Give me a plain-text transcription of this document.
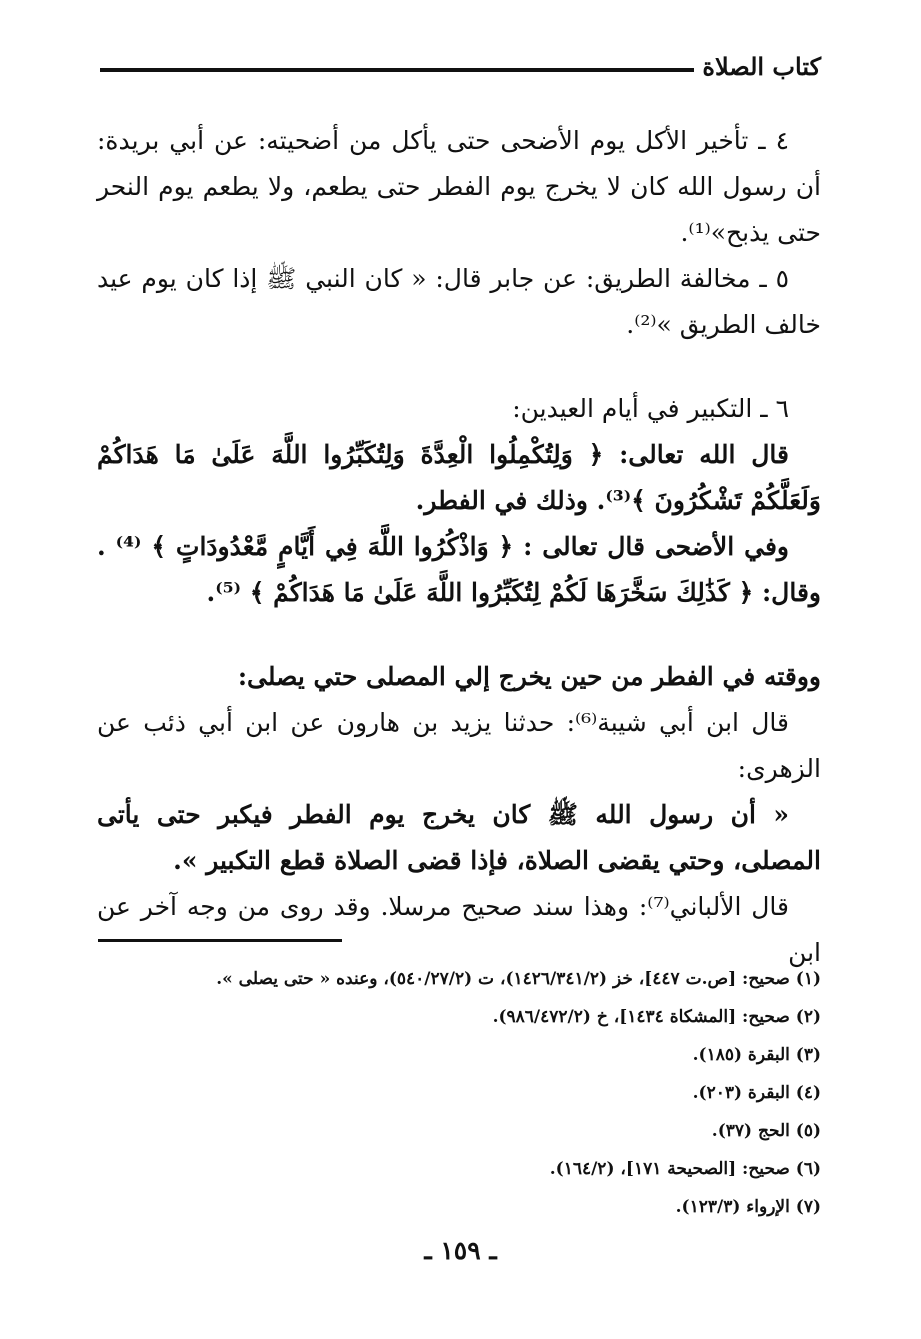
كتاب الصلاة

٤ ـ تأخير الأكل يوم الأضحى حتى يأكل من أضحيته: عن أبي بريدة: أن رسول الله كان لا يخرج يوم الفطر حتى يطعم، ولا يطعم يوم النحر حتى يذبح»⁽¹⁾.

٥ ـ مخالفة الطريق: عن جابر قال: « كان النبي ﷺ إذا كان يوم عيد خالف الطريق »⁽²⁾.

٦ ـ التكبير في أيام العيدين:

قال الله تعالى: ﴿ وَلِتُكْمِلُوا الْعِدَّةَ وَلِتُكَبِّرُوا اللَّهَ عَلَىٰ مَا هَدَاكُمْ وَلَعَلَّكُمْ تَشْكُرُونَ ﴾⁽³⁾. وذلك في الفطر.

وفي الأضحى قال تعالى : ﴿ وَاذْكُرُوا اللَّهَ فِي أَيَّامٍ مَّعْدُودَاتٍ ﴾ ⁽⁴⁾ . وقال: ﴿ كَذَٰلِكَ سَخَّرَهَا لَكُمْ لِتُكَبِّرُوا اللَّهَ عَلَىٰ مَا هَدَاكُمْ ﴾ ⁽⁵⁾.

ووقته في الفطر من حين يخرج إلي المصلى حتي يصلى:

قال ابن أبي شيبة⁽⁶⁾: حدثنا يزيد بن هارون عن ابن أبي ذئب عن الزهرى:

« أن رسول الله ﷺ كان يخرج يوم الفطر فيكبر حتى يأتى المصلى، وحتي يقضى الصلاة، فإذا قضى الصلاة قطع التكبير ».

قال الألباني⁽⁷⁾: وهذا سند صحيح مرسلا. وقد روى من وجه آخر عن ابن

(١) صحيح: [ص.ت ٤٤٧]، خز (١٤٢٦/٣٤١/٢)، ت (٥٤٠/٢٧/٢)، وعنده « حتى يصلى ».

(٢) صحيح: [المشكاة ١٤٣٤]، خ (٩٨٦/٤٧٢/٢).

(٣) البقرة (١٨٥).

(٤) البقرة (٢٠٣).

(٥) الحج (٣٧).

(٦) صحيح: [الصحيحة ١٧١]، (١٦٤/٢).

(٧) الإرواء (١٢٣/٣).

ـ ١٥٩ ـ
